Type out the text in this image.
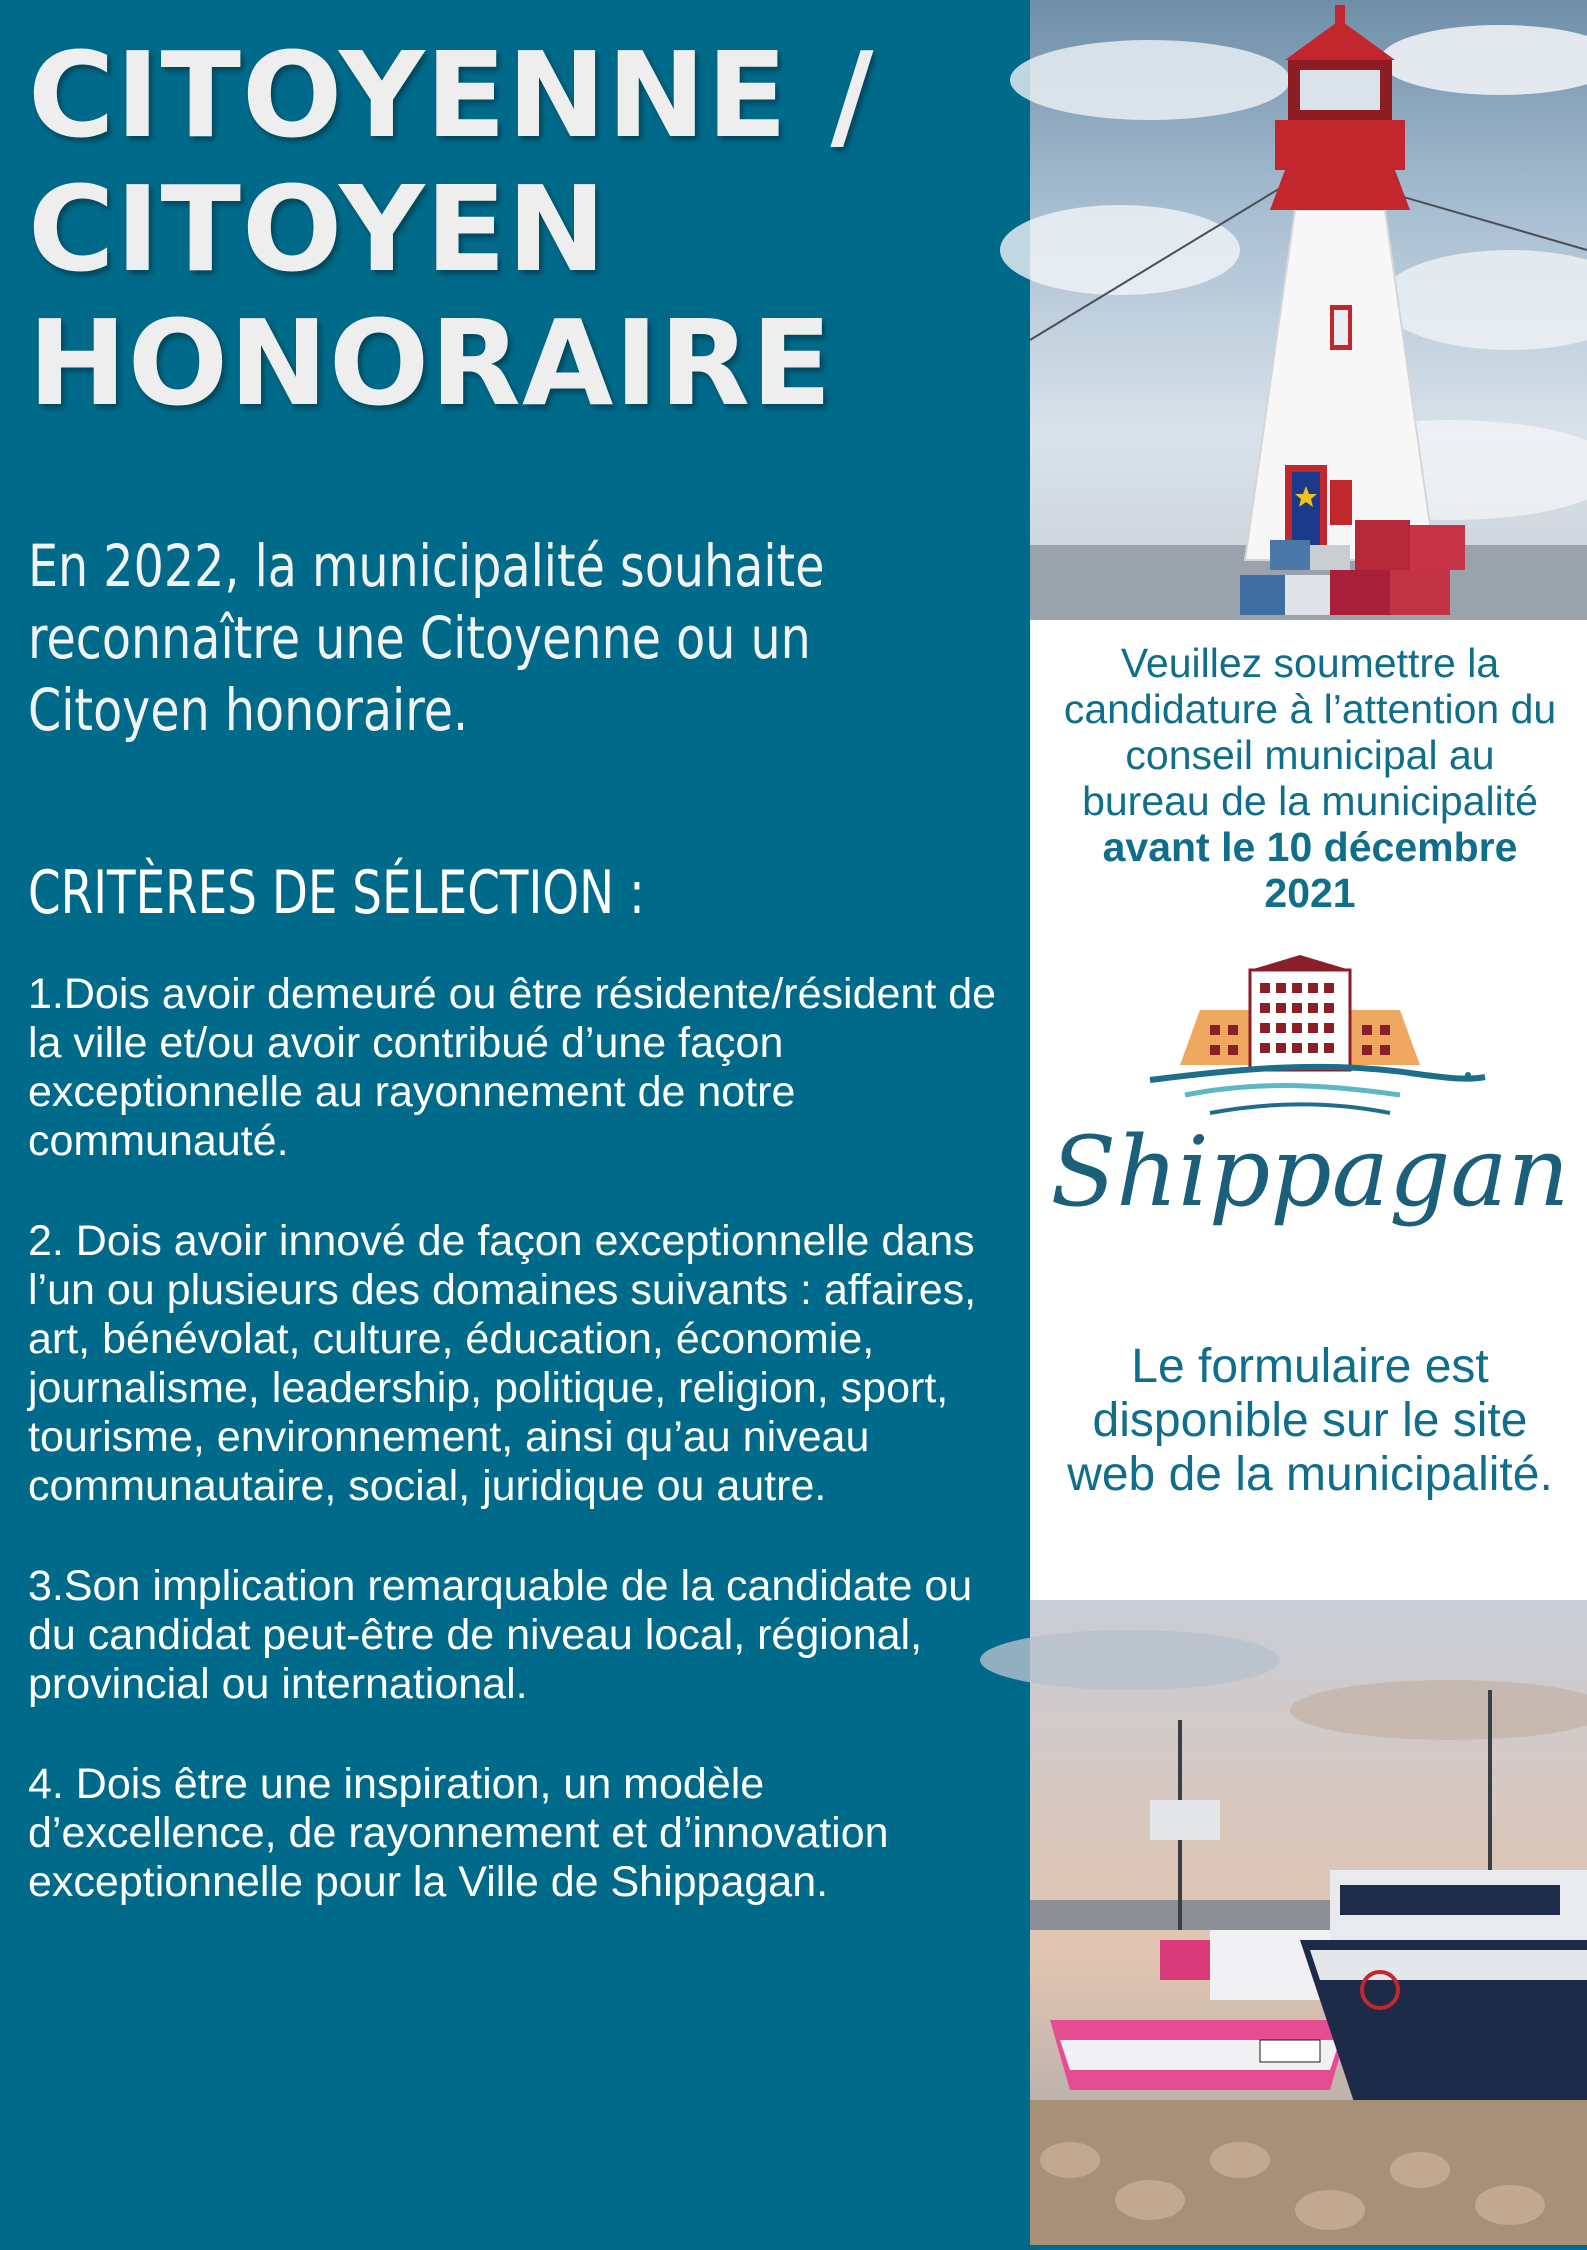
CITOYENNE /
CITOYEN
HONORAIRE

En 2022, la municipalité souhaite reconnaître une Citoyenne ou un Citoyen honoraire.

CRITÈRES DE SÉLECTION :
1.Dois avoir demeuré ou être résidente/résident de la ville et/ou avoir contribué d’une façon exceptionnelle au rayonnement de notre communauté.
2. Dois avoir innové de façon exceptionnelle dans l’un ou plusieurs des domaines suivants : affaires, art, bénévolat, culture, éducation, économie, journalisme, leadership, politique, religion, sport, tourisme, environnement, ainsi qu’au niveau communautaire, social, juridique ou autre.
3.Son implication remarquable de la candidate ou du candidat peut-être de niveau local, régional, provincial ou international.
4. Dois être une inspiration, un modèle d’excellence, de rayonnement et d’innovation exceptionnelle pour la Ville de Shippagan.

Veuillez soumettre la candidature à l’attention du conseil municipal au bureau de la municipalité avant le 10 décembre 2021

Shippagan

Le formulaire est disponible sur le site web de la municipalité.
